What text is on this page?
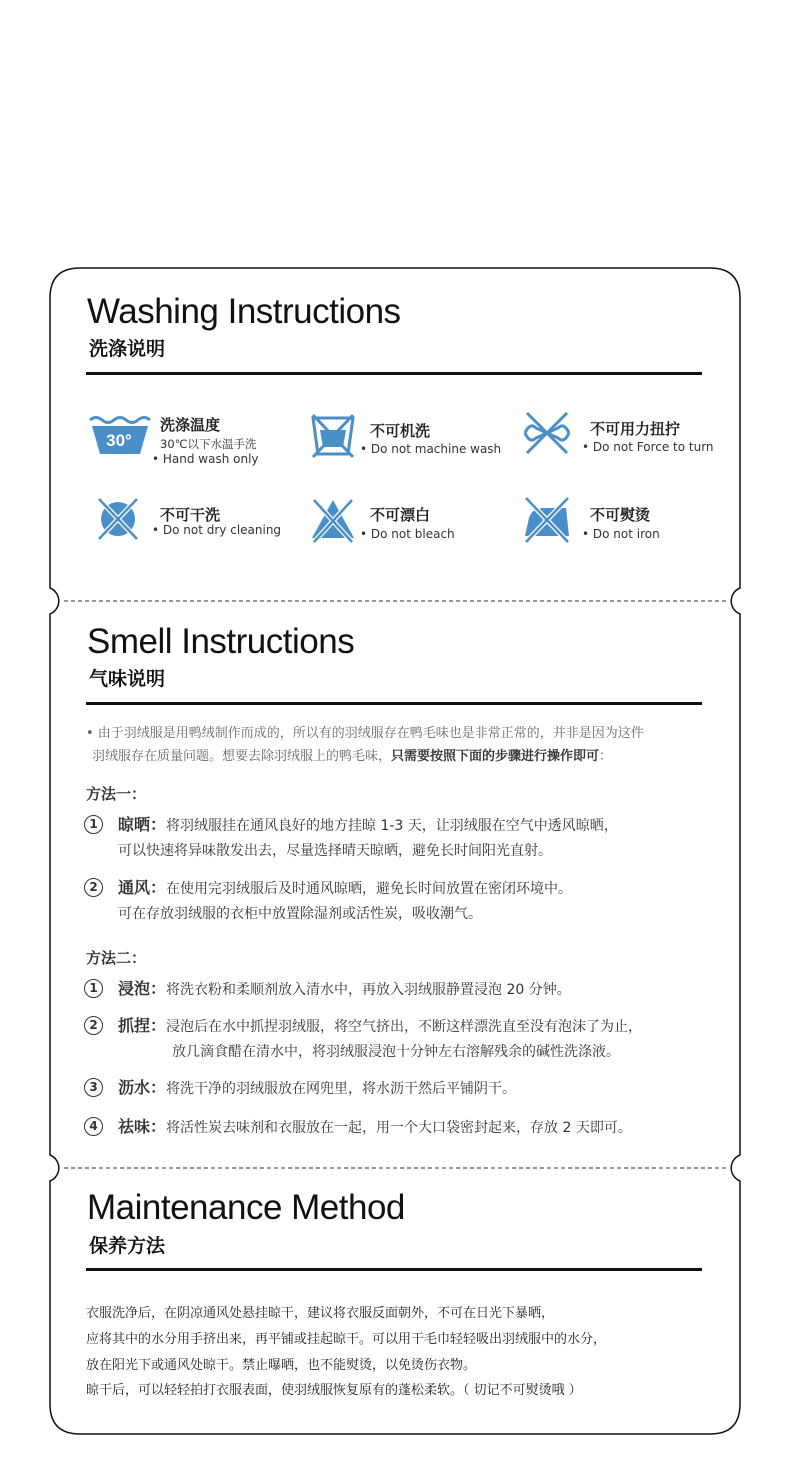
Washing Instructions
洗涤说明
30°
洗涤温度
30℃以下水温手洗
• Hand wash only
不可机洗
• Do not machine wash
不可用力扭拧
• Do not Force to turn
不可干洗
• Do not dry cleaning
不可漂白
• Do not bleach
不可熨烫
• Do not iron
Smell Instructions
气味说明
• 由于羽绒服是用鸭绒制作而成的，所以有的羽绒服存在鸭毛味也是非常正常的，并非是因为这件
羽绒服存在质量问题。想要去除羽绒服上的鸭毛味，只需要按照下面的步骤进行操作即可：
方法一：
1	晾晒：将羽绒服挂在通风良好的地方挂晾 1-3 天，让羽绒服在空气中透风晾晒，
可以快速将异味散发出去，尽量选择晴天晾晒，避免长时间阳光直射。
2	通风：在使用完羽绒服后及时通风晾晒，避免长时间放置在密闭环境中。
可在存放羽绒服的衣柜中放置除湿剂或活性炭，吸收潮气。
方法二：
1	浸泡：将洗衣粉和柔顺剂放入清水中，再放入羽绒服静置浸泡 20 分钟。
2	抓捏：浸泡后在水中抓捏羽绒服，将空气挤出，不断这样漂洗直至没有泡沫了为止，
放几滴食醋在清水中，将羽绒服浸泡十分钟左右溶解残余的碱性洗涤液。
3	沥水：将洗干净的羽绒服放在网兜里，将水沥干然后平铺阴干。
4	祛味：将活性炭去味剂和衣服放在一起，用一个大口袋密封起来，存放 2 天即可。
Maintenance Method
保养方法
衣服洗净后，在阴凉通风处悬挂晾干，建议将衣服反面朝外，不可在日光下暴晒，
应将其中的水分用手挤出来，再平铺或挂起晾干。可以用干毛巾轻轻吸出羽绒服中的水分，
放在阳光下或通风处晾干。禁止曝晒，也不能熨烫，以免烫伤衣物。
晾干后，可以轻轻拍打衣服表面，使羽绒服恢复原有的蓬松柔软。（ 切记不可熨烫哦 ）
